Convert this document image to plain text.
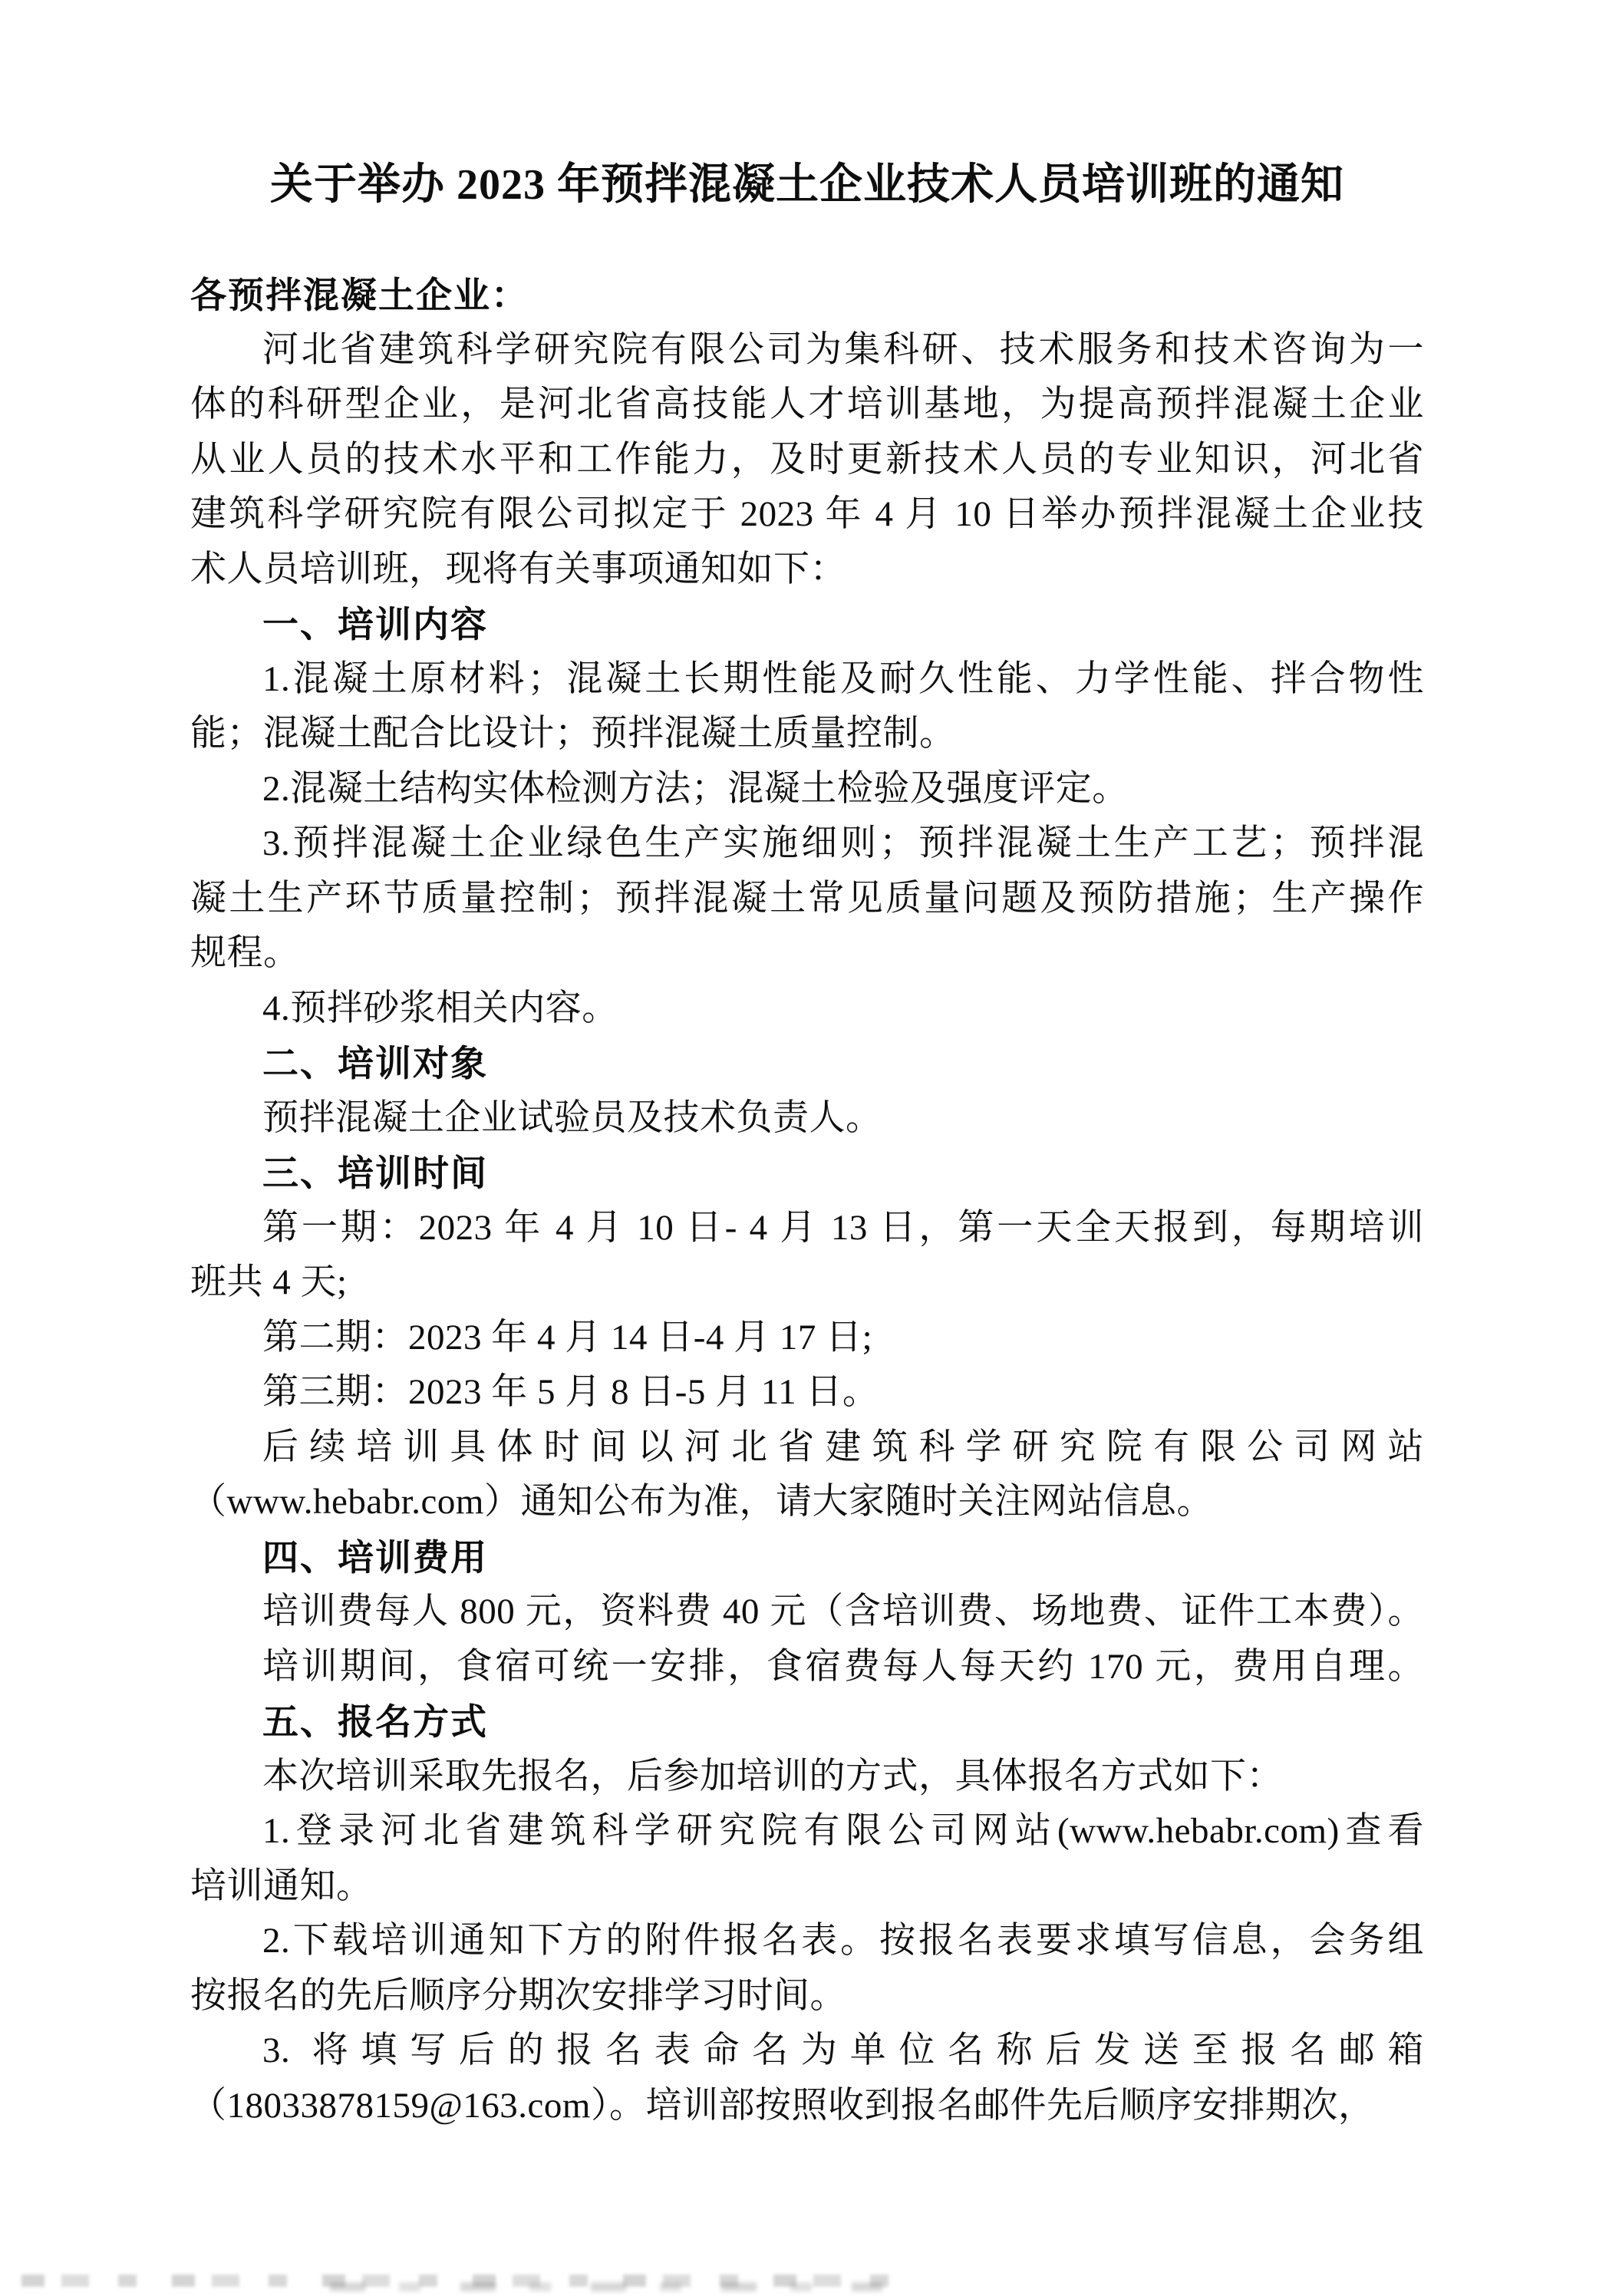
关于举办 2023 年预拌混凝土企业技术人员培训班的通知
各预拌混凝土企业：
河北省建筑科学研究院有限公司为集科研、技术服务和技术咨询为一
体的科研型企业，是河北省高技能人才培训基地，为提高预拌混凝土企业
从业人员的技术水平和工作能力，及时更新技术人员的专业知识，河北省
建筑科学研究院有限公司拟定于 2023 年 4 月 10 日举办预拌混凝土企业技
术人员培训班，现将有关事项通知如下：
一、培训内容
1.混凝土原材料；混凝土长期性能及耐久性能、力学性能、拌合物性
能；混凝土配合比设计；预拌混凝土质量控制。
2.混凝土结构实体检测方法；混凝土检验及强度评定。
3.预拌混凝土企业绿色生产实施细则；预拌混凝土生产工艺；预拌混
凝土生产环节质量控制；预拌混凝土常见质量问题及预防措施；生产操作
规程。
4.预拌砂浆相关内容。
二、培训对象
预拌混凝土企业试验员及技术负责人。
三、培训时间
第一期：2023 年 4 月 10 日- 4 月 13 日，第一天全天报到，每期培训
班共 4 天;
第二期：2023 年 4 月 14 日-4 月 17 日;
第三期：2023 年 5 月 8 日-5 月 11 日。
后续培训具体时间以河北省建筑科学研究院有限公司网站
（www.hebabr.com）通知公布为准，请大家随时关注网站信息。
四、培训费用
培训费每人 800 元，资料费 40 元（含培训费、场地费、证件工本费）。
培训期间，食宿可统一安排，食宿费每人每天约 170 元，费用自理。
五、报名方式
本次培训采取先报名，后参加培训的方式，具体报名方式如下：
1.登录河北省建筑科学研究院有限公司网站(www.hebabr.com)查看
培训通知。
2.下载培训通知下方的附件报名表。按报名表要求填写信息，会务组
按报名的先后顺序分期次安排学习时间。
3. 将填写后的报名表命名为单位名称后发送至报名邮箱
（18033878159@163.com）。培训部按照收到报名邮件先后顺序安排期次，
